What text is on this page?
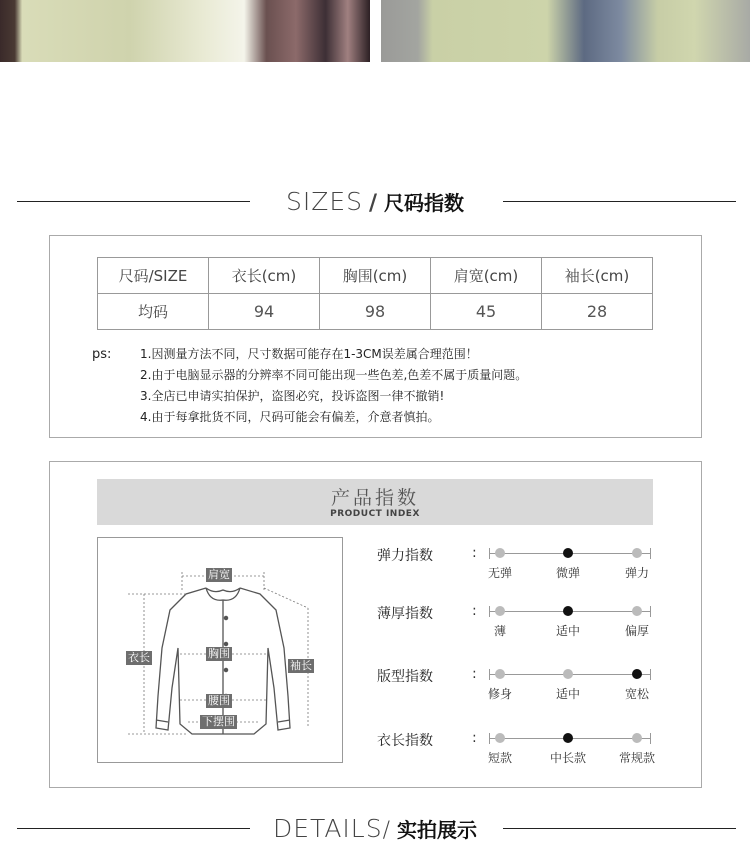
SIZES / 尺码指数
尺码/SIZE	衣长(cm)	胸围(cm)	肩宽(cm)	袖长(cm)
均码	94	98	45	28
ps: 1.因测量方法不同，尺寸数据可能存在1-3CM误差属合理范围！
2.由于电脑显示器的分辨率不同可能出现一些色差,色差不属于质量问题。
3.全店已申请实拍保护，盗图必究，投诉盗图一律不撤销!
4.由于每拿批货不同，尺码可能会有偏差，介意者慎拍。
产品指数
PRODUCT INDEX
肩宽
胸围
衣长
袖长
腰围
下摆围
弹力指数	:
无弹	微弹	弹力
薄厚指数	:
薄	适中	偏厚
版型指数	:
修身	适中	宽松
衣长指数	:
短款	中长款	常规款
DETAILS / 实拍展示
